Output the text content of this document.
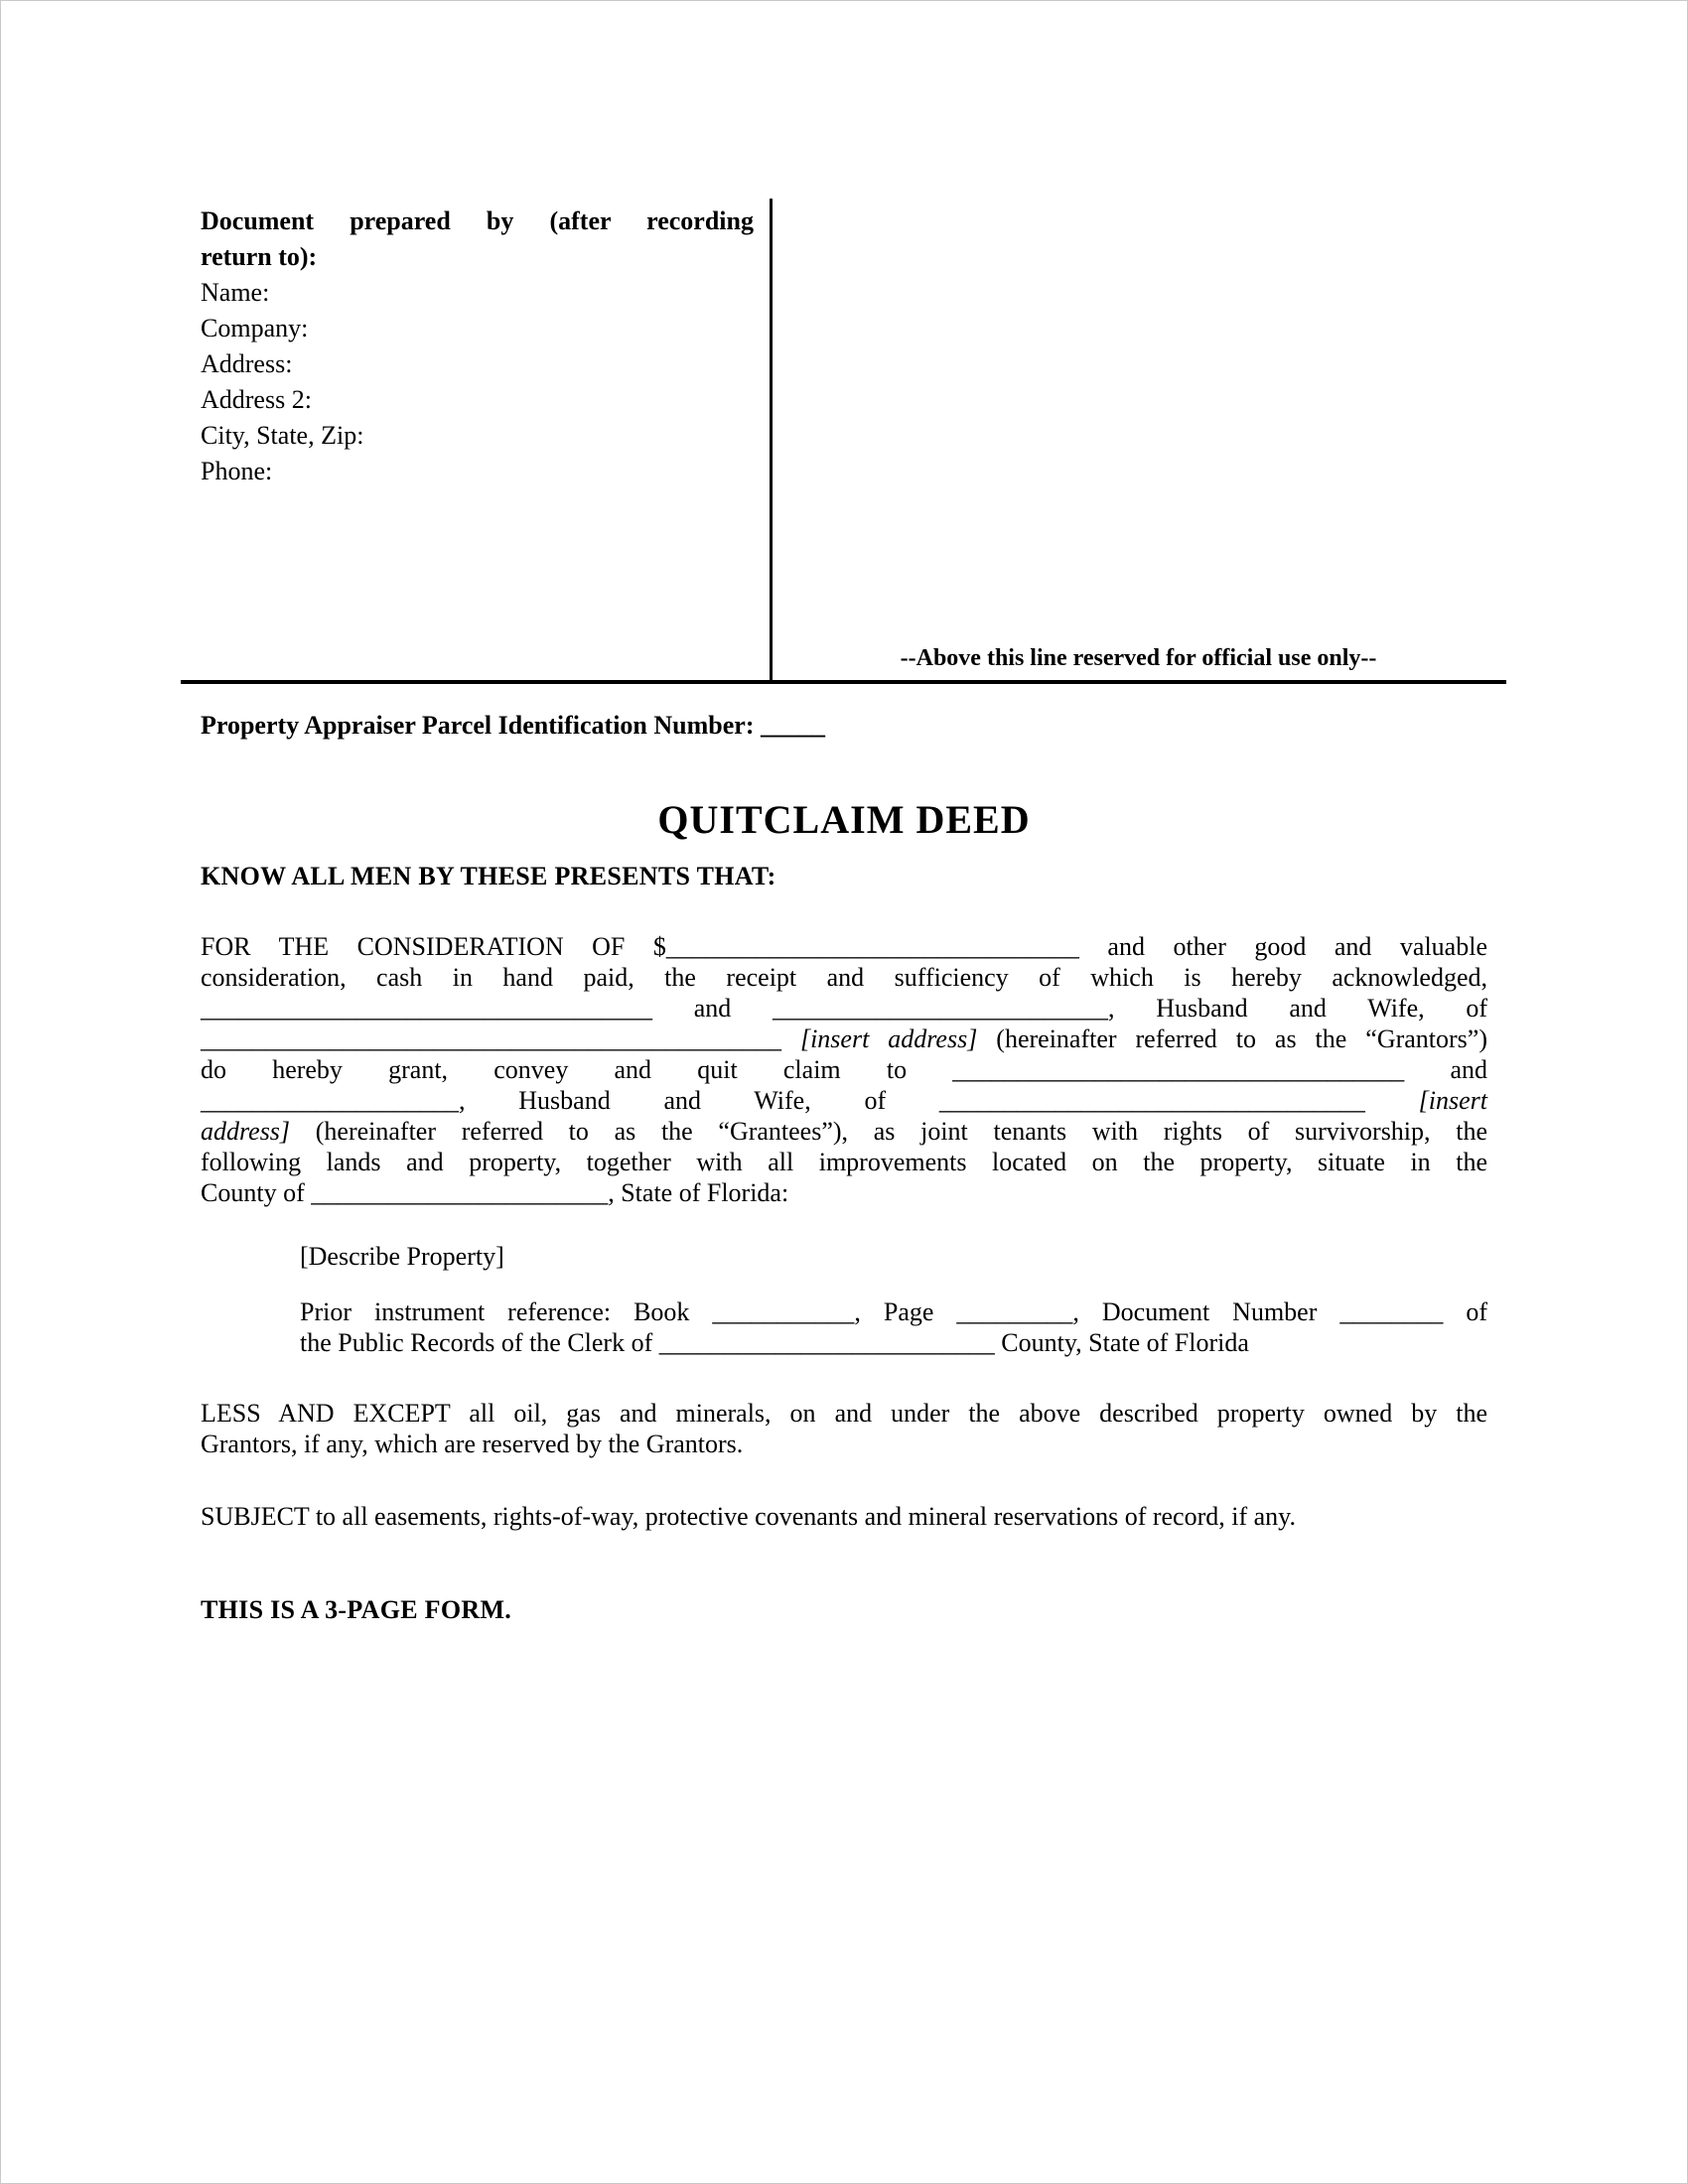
Document prepared by (after recording
return to):
Name:
Company:
Address:
Address 2:
City, State, Zip:
Phone:
--Above this line reserved for official use only--
Property Appraiser Parcel Identification Number: _____
QUITCLAIM DEED
KNOW ALL MEN BY THESE PRESENTS THAT:
FOR THE CONSIDERATION OF $________________________________ and other good and valuable
consideration, cash in hand paid, the receipt and sufficiency of which is hereby acknowledged,
___________________________________ and __________________________, Husband and Wife, of
_____________________________________________ [insert address] (hereinafter referred to as the “Grantors”)
do hereby grant, convey and quit claim to ___________________________________ and
____________________, Husband and Wife, of _________________________________ [insert
address] (hereinafter referred to as the “Grantees”), as joint tenants with rights of survivorship, the
following lands and property, together with all improvements located on the property, situate in the
County of _______________________, State of Florida:
[Describe Property]
Prior instrument reference: Book ___________, Page _________, Document Number ________ of
the Public Records of the Clerk of __________________________ County, State of Florida
LESS AND EXCEPT all oil, gas and minerals, on and under the above described property owned by the
Grantors, if any, which are reserved by the Grantors.
SUBJECT to all easements, rights-of-way, protective covenants and mineral reservations of record, if any.
THIS IS A 3-PAGE FORM.
